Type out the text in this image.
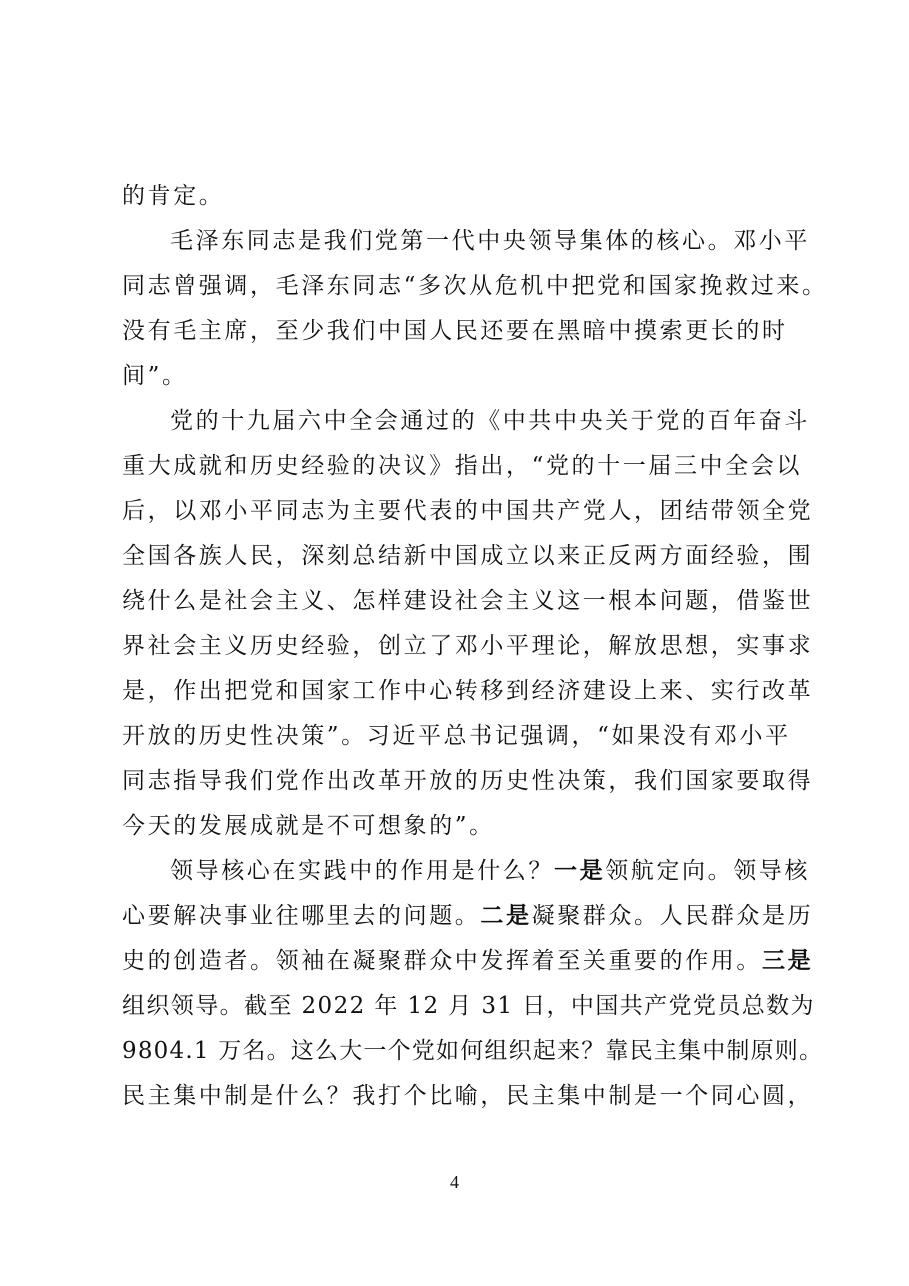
的肯定。
毛泽东同志是我们党第一代中央领导集体的核心。邓小平
同志曾强调，毛泽东同志“多次从危机中把党和国家挽救过来。
没有毛主席，至少我们中国人民还要在黑暗中摸索更长的时
间”。
党的十九届六中全会通过的《中共中央关于党的百年奋斗
重大成就和历史经验的决议》指出，“党的十一届三中全会以
后，以邓小平同志为主要代表的中国共产党人，团结带领全党
全国各族人民，深刻总结新中国成立以来正反两方面经验，围
绕什么是社会主义、怎样建设社会主义这一根本问题，借鉴世
界社会主义历史经验，创立了邓小平理论，解放思想，实事求
是，作出把党和国家工作中心转移到经济建设上来、实行改革
开放的历史性决策”。习近平总书记强调，“如果没有邓小平
同志指导我们党作出改革开放的历史性决策，我们国家要取得
今天的发展成就是不可想象的”。
领导核心在实践中的作用是什么？一是领航定向。领导核
心要解决事业往哪里去的问题。二是凝聚群众。人民群众是历
史的创造者。领袖在凝聚群众中发挥着至关重要的作用。三是
组织领导。截至 2022 年 12 月 31 日，中国共产党党员总数为
9804.1 万名。这么大一个党如何组织起来？靠民主集中制原则。
民主集中制是什么？我打个比喻，民主集中制是一个同心圆，
4
